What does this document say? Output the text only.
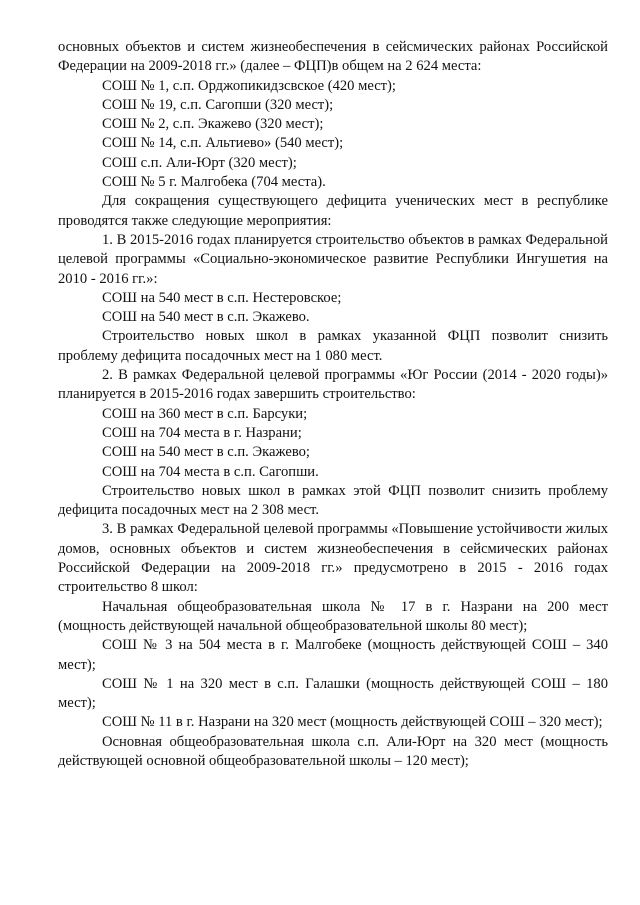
основных объектов и систем жизнеобеспечения в сейсмических районах Российской Федерации на 2009-2018 гг.» (далее – ФЦП)в общем на 2 624 места:

СОШ № 1, с.п. Орджопикидзсвское (420 мест);

СОШ № 19, с.п. Сагопши (320 мест);

СОШ № 2, с.п. Экажево (320 мест);

СОШ № 14, с.п. Альтиево» (540 мест);

СОШ с.п. Али-Юрт (320 мест);

СОШ № 5 г. Малгобека (704 места).

Для сокращения существующего дефицита ученических мест в республике проводятся также следующие мероприятия:

1. В 2015-2016 годах планируется строительство объектов в рамках Федеральной целевой программы «Социально-экономическое развитие Республики Ингушетия на 2010 - 2016 гг.»:

СОШ на 540 мест в с.п. Нестеровское;

СОШ на 540 мест в с.п. Экажево.

Строительство новых школ в рамках указанной ФЦП позволит снизить проблему дефицита посадочных мест на 1 080 мест.

2. В рамках Федеральной целевой программы «Юг России (2014 - 2020 годы)» планируется в 2015-2016 годах завершить строительство:

СОШ на 360 мест в с.п. Барсуки;

СОШ на 704 места в г. Назрани;

СОШ на 540 мест в с.п. Экажево;

СОШ на 704 места в с.п. Сагопши.

Строительство новых школ в рамках этой ФЦП позволит снизить проблему дефицита посадочных мест на 2 308 мест.

3. В рамках Федеральной целевой программы «Повышение устойчивости жилых домов, основных объектов и систем жизнеобеспечения в сейсмических районах Российской Федерации на 2009-2018 гг.» предусмотрено в 2015 - 2016 годах строительство 8 школ:

Начальная общеобразовательная школа № 17 в г. Назрани на 200 мест (мощность действующей начальной общеобразовательной школы 80 мест);

СОШ № 3 на 504 места в г. Малгобеке (мощность действующей СОШ – 340 мест);

СОШ № 1 на 320 мест в с.п. Галашки (мощность действующей СОШ – 180 мест);

СОШ № 11 в г. Назрани на 320 мест (мощность действующей СОШ – 320 мест);

Основная общеобразовательная школа с.п. Али-Юрт на 320 мест (мощность действующей основной общеобразовательной школы – 120 мест);
